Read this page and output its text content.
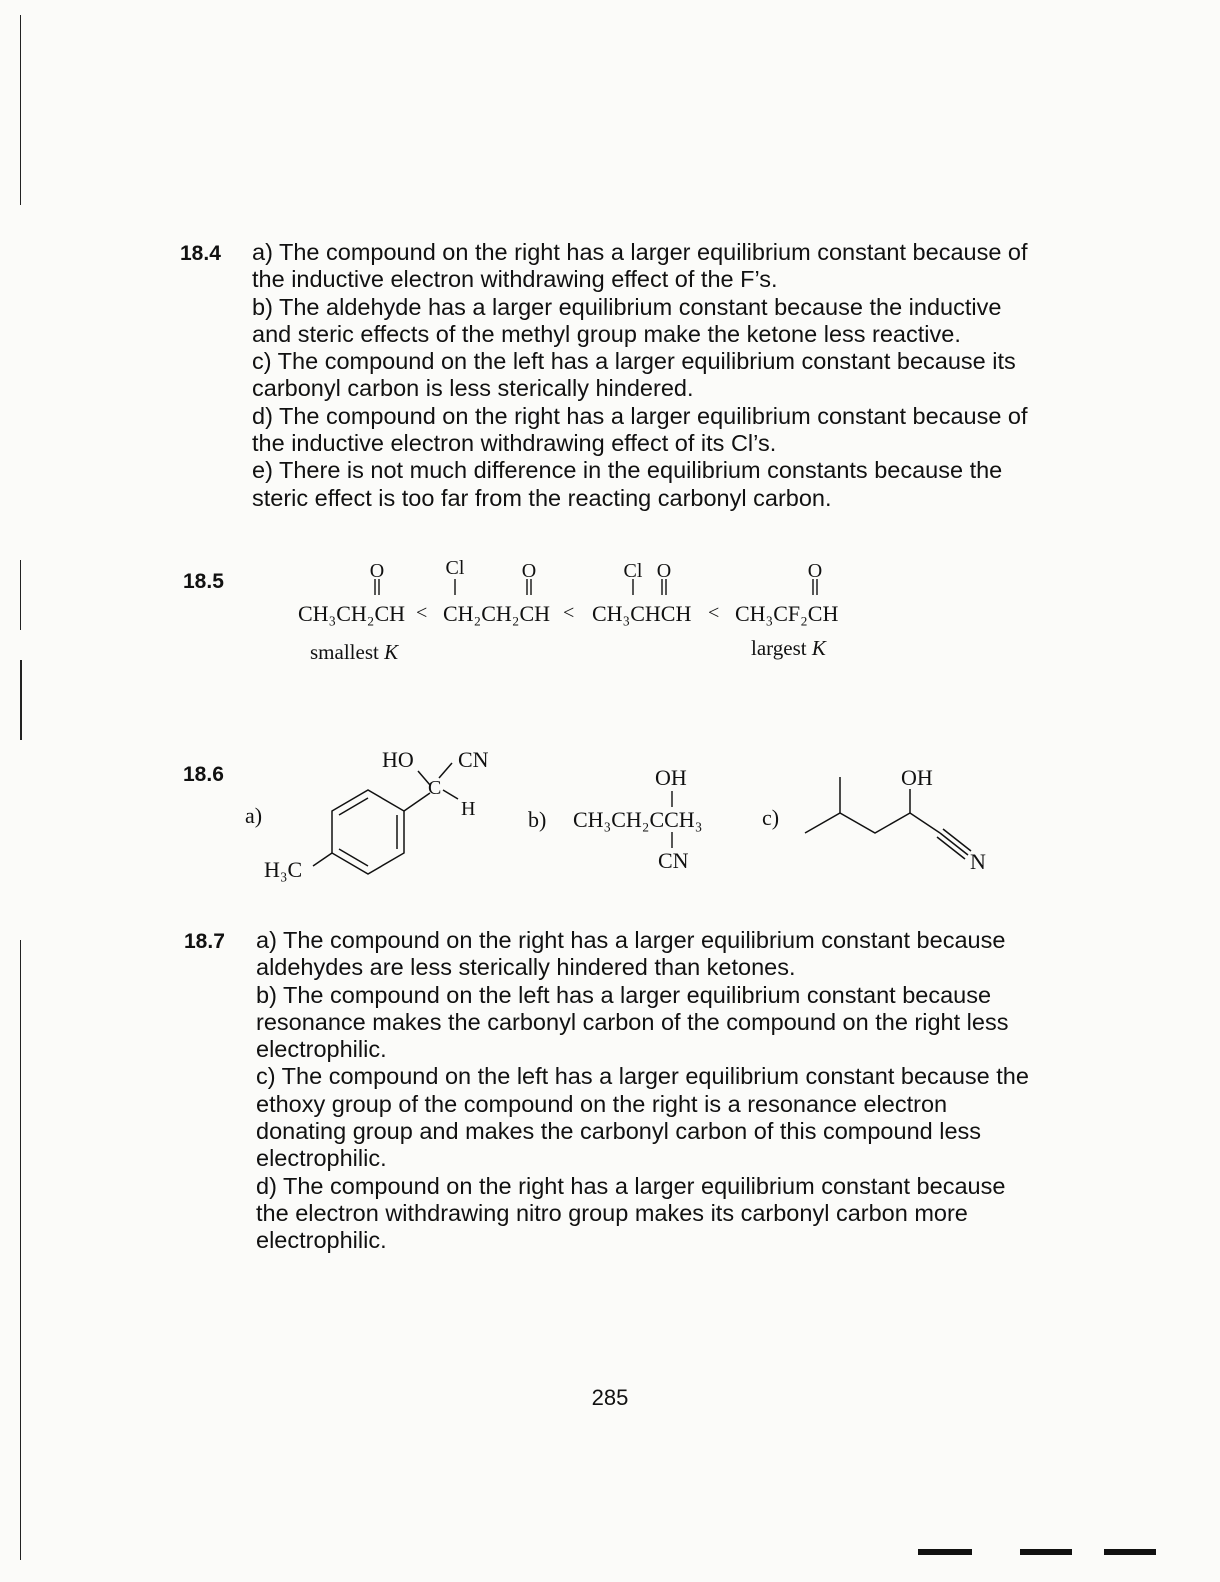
18.4 a) The compound on the right has a larger equilibrium constant because of the inductive electron withdrawing effect of the F’s.

b) The aldehyde has a larger equilibrium constant because the inductive and steric effects of the methyl group make the ketone less reactive.

c) The compound on the left has a larger equilibrium constant because its carbonyl carbon is less sterically hindered.

d) The compound on the right has a larger equilibrium constant because of the inductive electron withdrawing effect of its Cl’s.

e) There is not much difference in the equilibrium constants because the steric effect is too far from the reacting carbonyl carbon.

18.5	O	Cl	O	Cl O	O
CH₃CH₂CH < CH₂CH₂CH < CH₃CHCH < CH₃CF₂CH
smallest K	largest K
18.6
a)
HO CN
C
H
H₃C
b)
OH
CH₃CH₂CCH₃
CN
c)
OH
N
18.7 a) The compound on the right has a larger equilibrium constant because aldehydes are less sterically hindered than ketones.

b) The compound on the left has a larger equilibrium constant because resonance makes the carbonyl carbon of the compound on the right less electrophilic.

c) The compound on the left has a larger equilibrium constant because the ethoxy group of the compound on the right is a resonance electron donating group and makes the carbonyl carbon of this compound less electrophilic.

d) The compound on the right has a larger equilibrium constant because the electron withdrawing nitro group makes its carbonyl carbon more electrophilic.

285
